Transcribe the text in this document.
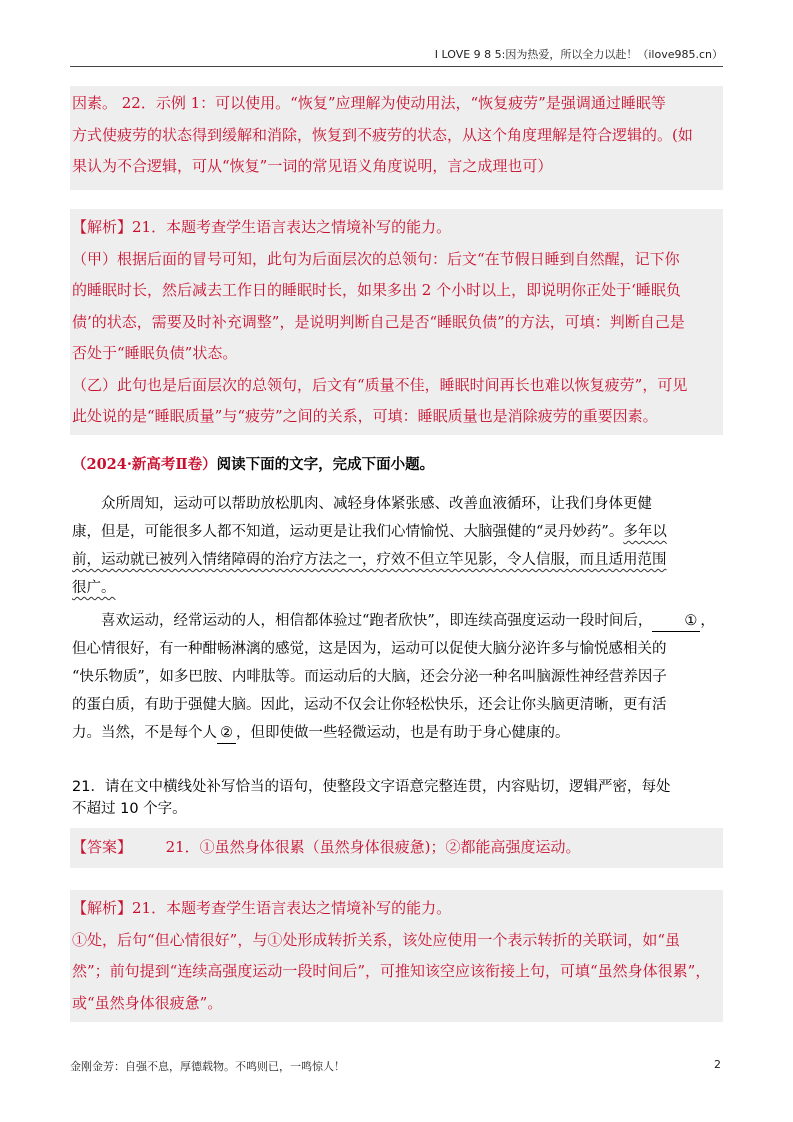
I LOVE 9 8 5:因为热爱，所以全力以赴！（ilove985.cn）
因素。 22．示例 1：可以使用。“恢复”应理解为使动用法，“恢复疲劳”是强调通过睡眠等
方式使疲劳的状态得到缓解和消除，恢复到不疲劳的状态，从这个角度理解是符合逻辑的。(如
果认为不合逻辑，可从“恢复”一词的常见语义角度说明，言之成理也可）
【解析】21．本题考查学生语言表达之情境补写的能力。
（甲）根据后面的冒号可知，此句为后面层次的总领句：后文“在节假日睡到自然醒，记下你
的睡眠时长，然后减去工作日的睡眠时长，如果多出 2 个小时以上，即说明你正处于‘睡眠负
债’的状态，需要及时补充调整”，是说明判断自己是否“睡眠负债”的方法，可填：判断自己是
否处于“睡眠负债”状态。
（乙）此句也是后面层次的总领句，后文有“质量不佳，睡眠时间再长也难以恢复疲劳”，可见
此处说的是“睡眠质量”与“疲劳”之间的关系，可填：睡眠质量也是消除疲劳的重要因素。
（2024·新高考Ⅱ卷）阅读下面的文字，完成下面小题。
众所周知，运动可以帮助放松肌肉、减轻身体紧张感、改善血液循环，让我们身体更健
康，但是，可能很多人都不知道，运动更是让我们心情愉悦、大脑强健的“灵丹妙药”。多年以
前，运动就已被列入情绪障碍的治疗方法之一，疗效不但立竿见影，令人信服，而且适用范围
很广。
喜欢运动，经常运动的人，相信都体验过“跑者欣快”，即连续高强度运动一段时间后， ① ，
但心情很好，有一种酣畅淋漓的感觉，这是因为，运动可以促使大脑分泌许多与愉悦感相关的
“快乐物质”，如多巴胺、内啡肽等。而运动后的大脑，还会分泌一种名叫脑源性神经营养因子
的蛋白质，有助于强健大脑。因此，运动不仅会让你轻松快乐，还会让你头脑更清晰，更有活
力。当然，不是每个人 ② ，但即使做一些轻微运动，也是有助于身心健康的。
21．请在文中横线处补写恰当的语句，使整段文字语意完整连贯，内容贴切，逻辑严密，每处
不超过 10 个字。
【答案】 21．①虽然身体很累（虽然身体很疲惫)；②都能高强度运动。
【解析】21．本题考查学生语言表达之情境补写的能力。
①处，后句“但心情很好”，与①处形成转折关系，该处应使用一个表示转折的关联词，如“虽
然”；前句提到“连续高强度运动一段时间后”，可推知该空应该衔接上句，可填“虽然身体很累”，
或“虽然身体很疲惫”。
金刚金芳：自强不息，厚德载物。不鸣则已，一鸣惊人！	2
